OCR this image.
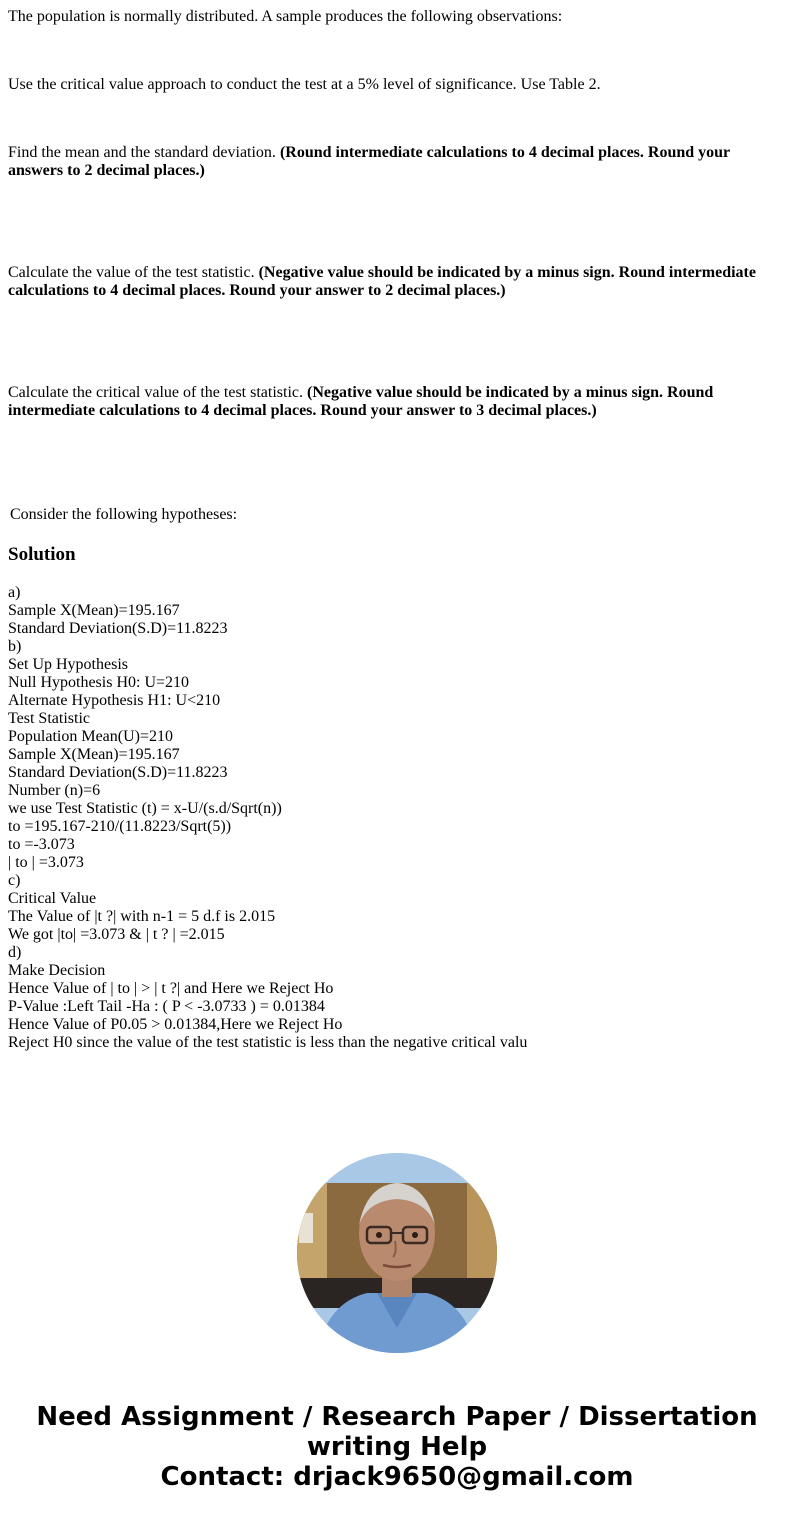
The population is normally distributed. A sample produces the following observations:

Use the critical value approach to conduct the test at a 5% level of significance. Use Table 2.

Find the mean and the standard deviation. (Round intermediate calculations to 4 decimal places. Round your answers to 2 decimal places.)

Calculate the value of the test statistic. (Negative value should be indicated by a minus sign. Round intermediate calculations to 4 decimal places. Round your answer to 2 decimal places.)

Calculate the critical value of the test statistic. (Negative value should be indicated by a minus sign. Round intermediate calculations to 4 decimal places. Round your answer to 3 decimal places.)

Consider the following hypotheses:

Solution
a)
Sample X(Mean)=195.167
Standard Deviation(S.D)=11.8223
b)
Set Up Hypothesis
Null Hypothesis H0: U=210
Alternate Hypothesis H1: U<210
Test Statistic
Population Mean(U)=210
Sample X(Mean)=195.167
Standard Deviation(S.D)=11.8223
Number (n)=6
we use Test Statistic (t) = x-U/(s.d/Sqrt(n))
to =195.167-210/(11.8223/Sqrt(5))
to =-3.073
| to | =3.073
c)
Critical Value
The Value of |t ?| with n-1 = 5 d.f is 2.015
We got |to| =3.073 & | t ? | =2.015
d)
Make Decision
Hence Value of | to | > | t ?| and Here we Reject Ho
P-Value :Left Tail -Ha : ( P < -3.0733 ) = 0.01384
Hence Value of P0.05 > 0.01384,Here we Reject Ho
Reject H0 since the value of the test statistic is less than the negative critical valu
Need Assignment / Research Paper / Dissertation
writing Help
Contact: drjack9650@gmail.com
